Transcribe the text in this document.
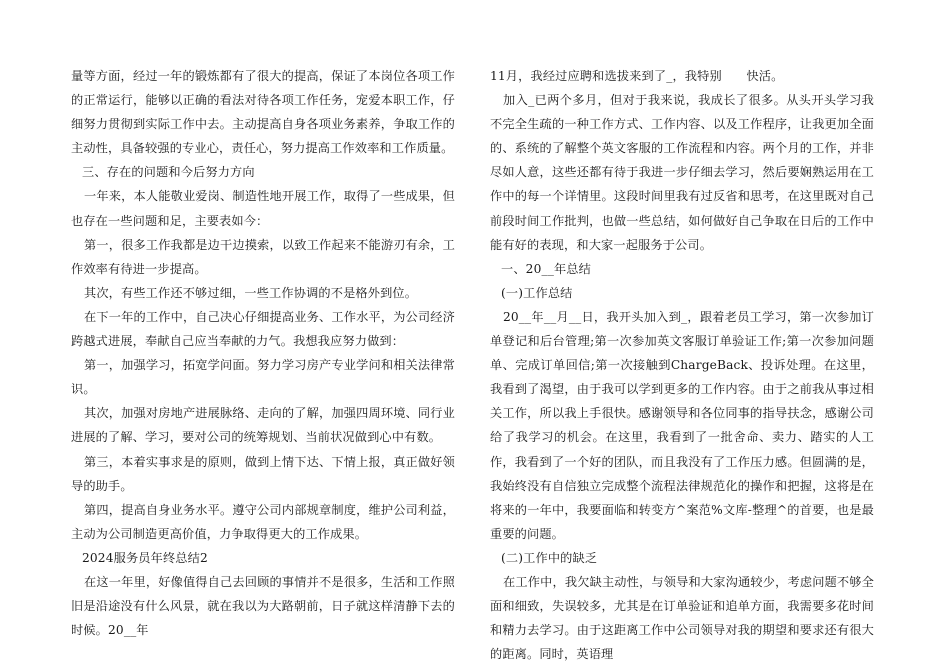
量等方面，经过一年的锻炼都有了很大的提高，保证了本岗位各项工作的正常运行，能够以正确的看法对待各项工作任务，宠爱本职工作，仔细努力贯彻到实际工作中去。主动提高自身各项业务素养，争取工作的主动性，具备较强的专业心，责任心，努力提高工作效率和工作质量。

三、存在的问题和今后努力方向

一年来，本人能敬业爱岗、制造性地开展工作，取得了一些成果，但也存在一些问题和足，主要表如今：

第一，很多工作我都是边干边摸索，以致工作起来不能游刃有余，工作效率有待进一步提高。

其次，有些工作还不够过细，一些工作协调的不是格外到位。

在下一年的工作中，自己决心仔细提高业务、工作水平，为公司经济跨越式进展，奉献自己应当奉献的力气。我想我应努力做到：

第一，加强学习，拓宽学问面。努力学习房产专业学问和相关法律常识。

其次，加强对房地产进展脉络、走向的了解，加强四周环境、同行业进展的了解、学习，要对公司的统筹规划、当前状况做到心中有数。

第三，本着实事求是的原则，做到上情下达、下情上报，真正做好领导的助手。

第四，提高自身业务水平。遵守公司内部规章制度，维护公司利益，主动为公司制造更高价值，力争取得更大的工作成果。

2024服务员年终总结2

在这一年里，好像值得自己去回顾的事情并不是很多，生活和工作照旧是沿途没有什么风景，就在我以为大路朝前，日子就这样清静下去的时候。20__年

11月，我经过应聘和选拔来到了_，我特别　　快活。

加入_已两个多月，但对于我来说，我成长了很多。从头开头学习我不完全生疏的一种工作方式、工作内容、以及工作程序，让我更加全面的、系统的了解整个英文客服的工作流程和内容。两个月的工作，并非尽如人意，这些还都有待于我进一步仔细去学习，然后要娴熟运用在工作中的每一个详情里。这段时间里我有过反省和思考，在这里既对自己前段时间工作批判，也做一些总结，如何做好自己争取在日后的工作中能有好的表现，和大家一起服务于公司。

一、20__年总结

(一)工作总结

20__年__月__日，我开头加入到_，跟着老员工学习，第一次参加订单登记和后台管理;第一次参加英文客服订单验证工作;第一次参加问题单、完成订单回信;第一次接触到ChargeBack、投诉处理。在这里，我看到了渴望，由于我可以学到更多的工作内容。由于之前我从事过相关工作，所以我上手很快。感谢领导和各位同事的指导扶念，感谢公司给了我学习的机会。在这里，我看到了一批舍命、卖力、踏实的人工作，我看到了一个好的团队，而且我没有了工作压力感。但圆满的是，我始终没有自信独立完成整个流程法律规范化的操作和把握，这将是在将来的一年中，我要面临和转变方^案范%文库-整理^的首要，也是最重要的问题。

(二)工作中的缺乏

在工作中，我欠缺主动性，与领导和大家沟通较少，考虑问题不够全面和细致，失误较多，尤其是在订单验证和追单方面，我需要多花时间和精力去学习。由于这距离工作中公司领导对我的期望和要求还有很大的距离。同时，英语理
